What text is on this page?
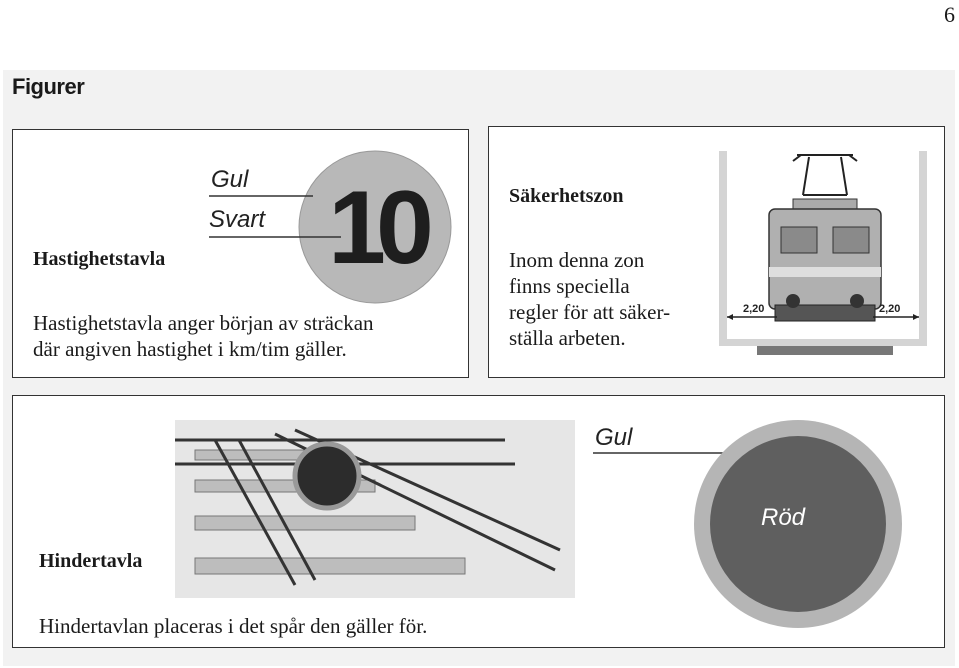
6
Figurer
10
Gul
Svart
Hastighetstavla
Hastighetstavla anger början av sträckan
där angiven hastighet i km/tim gäller.
Säkerhetszon
Inom denna zon
finns speciella
regler för att säker-
ställa arbeten.
2,20	2,20
Hindertavla
Hindertavlan placeras i det spår den gäller för.
Gul
Röd
